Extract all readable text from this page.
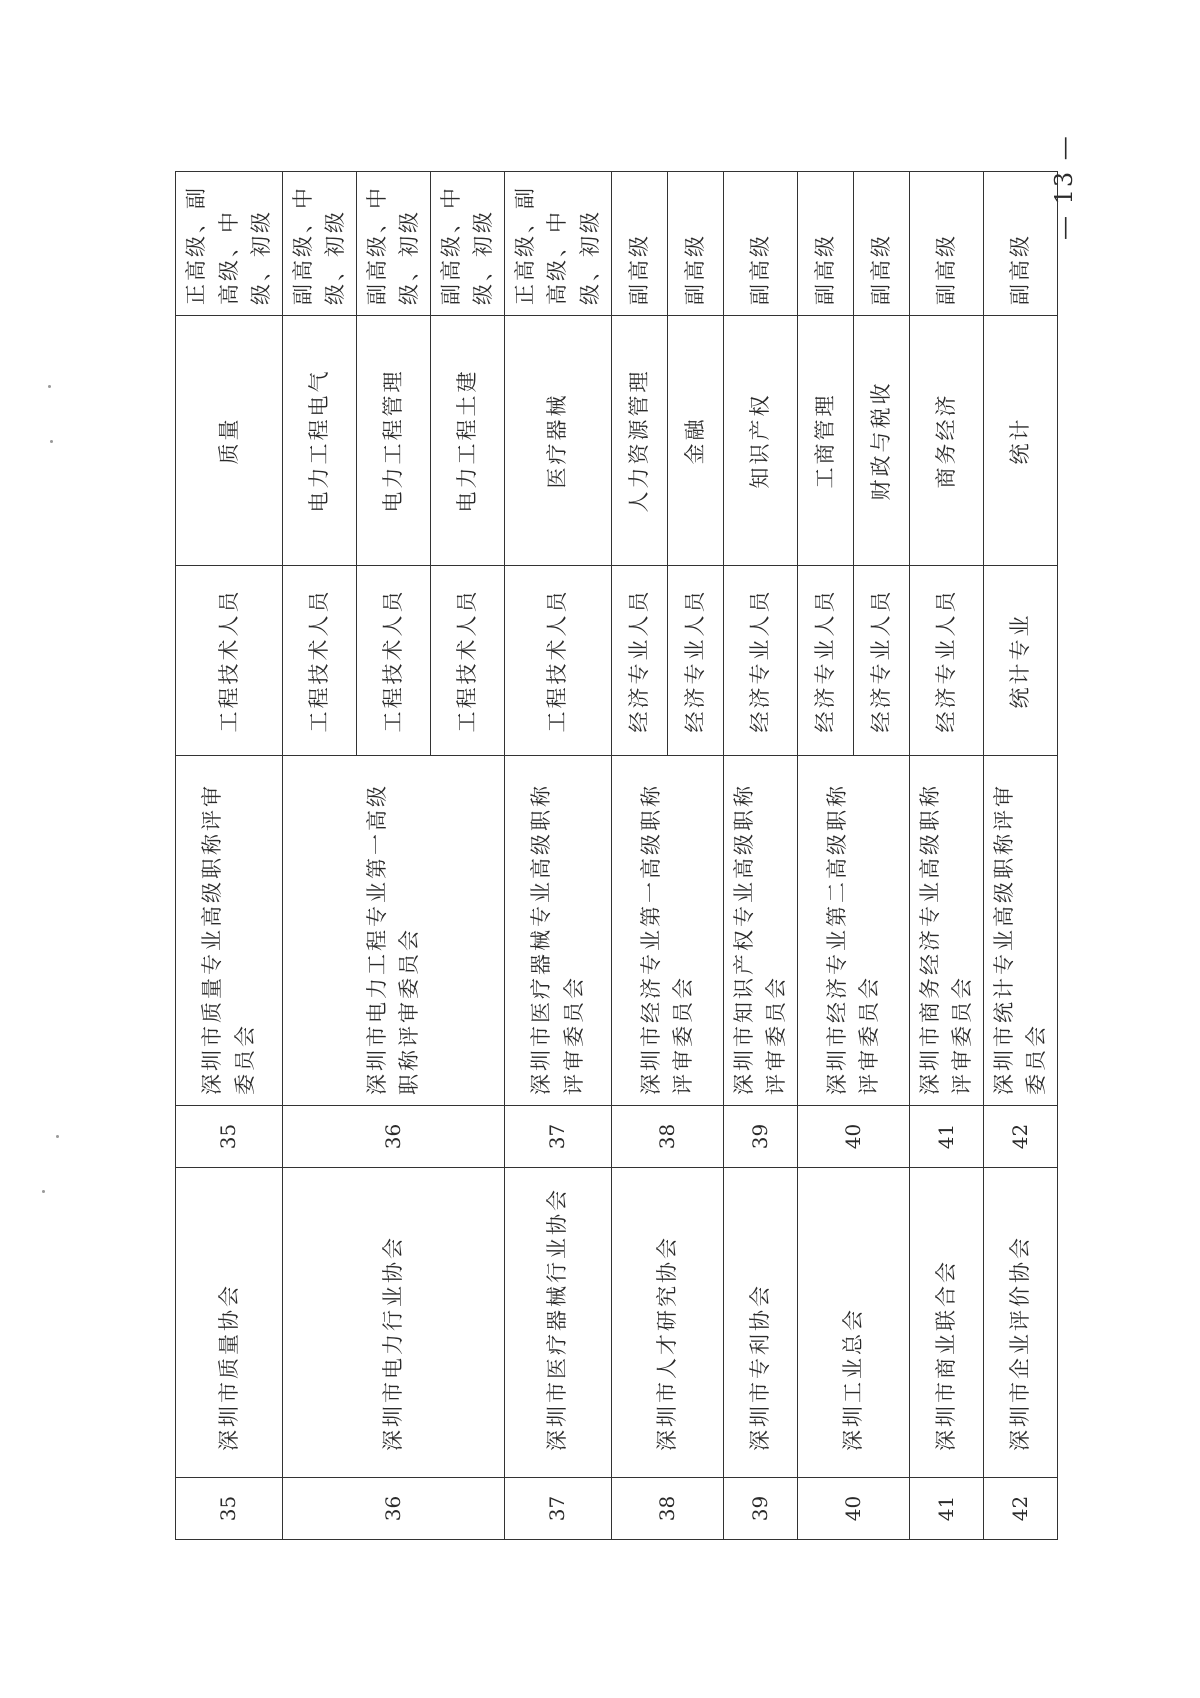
— 13 —
35	深圳市质量协会	35	深圳市质量专业高级职称评审委员会	工程技术人员	质量	正高级、副高级、中级、初级
36	深圳市电力行业协会	36	深圳市电力工程专业第一高级职称评审委员会	工程技术人员	电力工程电气	副高级、中级、初级
				工程技术人员	电力工程管理	副高级、中级、初级
				工程技术人员	电力工程土建	副高级、中级、初级
37	深圳市医疗器械行业协会	37	深圳市医疗器械专业高级职称评审委员会	工程技术人员	医疗器械	正高级、副高级、中级、初级
38	深圳市人才研究协会	38	深圳市经济专业第一高级职称评审委员会	经济专业人员	人力资源管理	副高级
				经济专业人员	金融	副高级
39	深圳市专利协会	39	深圳市知识产权专业高级职称评审委员会	经济专业人员	知识产权	副高级
40	深圳工业总会	40	深圳市经济专业第二高级职称评审委员会	经济专业人员	工商管理	副高级
				经济专业人员	财政与税收	副高级
41	深圳市商业联合会	41	深圳市商务经济专业高级职称评审委员会	经济专业人员	商务经济	副高级
42	深圳市企业评价协会	42	深圳市统计专业高级职称评审委员会	统计专业	统计	副高级
